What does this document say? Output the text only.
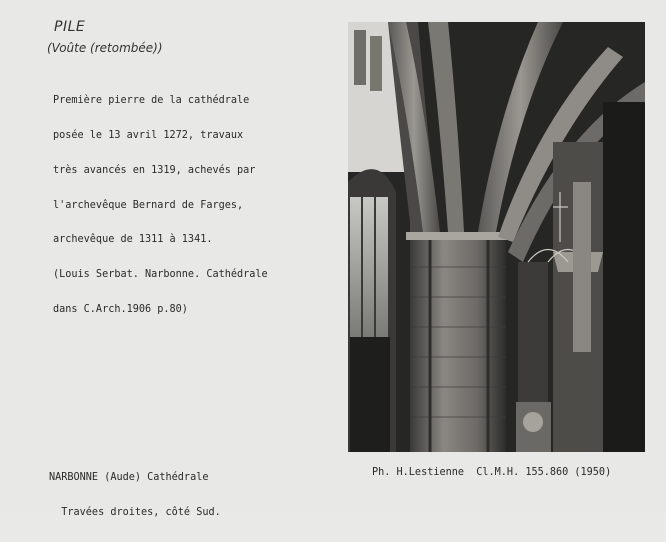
PILE
(Voûte (retombée))

Première pierre de la cathédrale

posée le 13 avril 1272, travaux

très avancés en 1319, achevés par

l'archevêque Bernard de Farges,

archevêque de 1311 à 1341.

(Louis Serbat. Narbonne. Cathédrale

dans C.Arch.1906 p.80)

NARBONNE (Aude) Cathédrale

Travées droites, côté Sud.

Ph. H.Lestienne  Cl.M.H. 155.860 (1950)
